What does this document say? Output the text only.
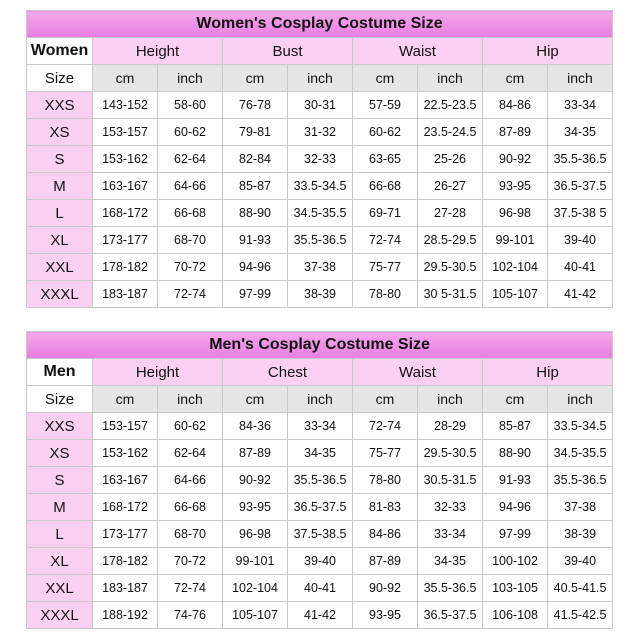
Women's Cosplay Costume Size								
Women	Height		Bust		Waist		Hip	
Size	cm	inch	cm	inch	cm	inch	cm	inch
XXS	143-152	58-60	76-78	30-31	57-59	22.5-23.5	84-86	33-34
XS	153-157	60-62	79-81	31-32	60-62	23.5-24.5	87-89	34-35
S	153-162	62-64	82-84	32-33	63-65	25-26	90-92	35.5-36.5
M	163-167	64-66	85-87	33.5-34.5	66-68	26-27	93-95	36.5-37.5
L	168-172	66-68	88-90	34.5-35.5	69-71	27-28	96-98	37.5-38 5
XL	173-177	68-70	91-93	35.5-36.5	72-74	28.5-29.5	99-101	39-40
XXL	178-182	70-72	94-96	37-38	75-77	29.5-30.5	102-104	40-41
XXXL	183-187	72-74	97-99	38-39	78-80	30 5-31.5	105-107	41-42
Men's Cosplay Costume Size								
Men	Height		Chest		Waist		Hip	
Size	cm	inch	cm	inch	cm	inch	cm	inch
XXS	153-157	60-62	84-36	33-34	72-74	28-29	85-87	33.5-34.5
XS	153-162	62-64	87-89	34-35	75-77	29.5-30.5	88-90	34.5-35.5
S	163-167	64-66	90-92	35.5-36.5	78-80	30.5-31.5	91-93	35.5-36.5
M	168-172	66-68	93-95	36.5-37.5	81-83	32-33	94-96	37-38
L	173-177	68-70	96-98	37.5-38.5	84-86	33-34	97-99	38-39
XL	178-182	70-72	99-101	39-40	87-89	34-35	100-102	39-40
XXL	183-187	72-74	102-104	40-41	90-92	35.5-36.5	103-105	40.5-41.5
XXXL	188-192	74-76	105-107	41-42	93-95	36.5-37.5	106-108	41.5-42.5
